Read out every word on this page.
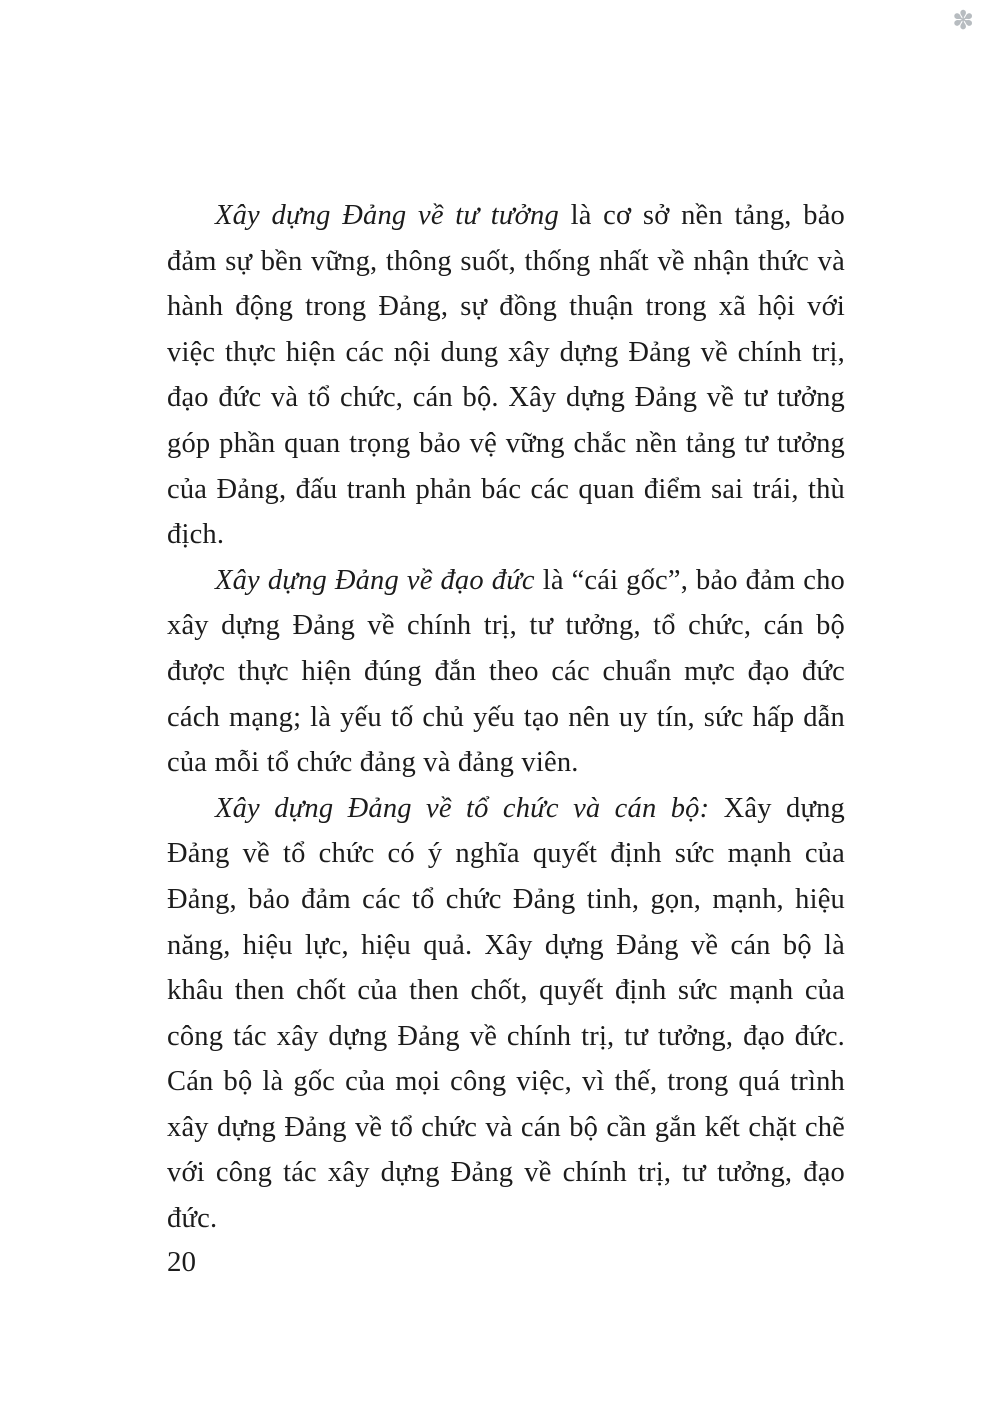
✽

Xây dựng Đảng về tư tưởng là cơ sở nền tảng, bảo đảm sự bền vững, thông suốt, thống nhất về nhận thức và hành động trong Đảng, sự đồng thuận trong xã hội với việc thực hiện các nội dung xây dựng Đảng về chính trị, đạo đức và tổ chức, cán bộ. Xây dựng Đảng về tư tưởng góp phần quan trọng bảo vệ vững chắc nền tảng tư tưởng của Đảng, đấu tranh phản bác các quan điểm sai trái, thù địch.

Xây dựng Đảng về đạo đức là “cái gốc”, bảo đảm cho xây dựng Đảng về chính trị, tư tưởng, tổ chức, cán bộ được thực hiện đúng đắn theo các chuẩn mực đạo đức cách mạng; là yếu tố chủ yếu tạo nên uy tín, sức hấp dẫn của mỗi tổ chức đảng và đảng viên.

Xây dựng Đảng về tổ chức và cán bộ: Xây dựng Đảng về tổ chức có ý nghĩa quyết định sức mạnh của Đảng, bảo đảm các tổ chức Đảng tinh, gọn, mạnh, hiệu năng, hiệu lực, hiệu quả. Xây dựng Đảng về cán bộ là khâu then chốt của then chốt, quyết định sức mạnh của công tác xây dựng Đảng về chính trị, tư tưởng, đạo đức. Cán bộ là gốc của mọi công việc, vì thế, trong quá trình xây dựng Đảng về tổ chức và cán bộ cần gắn kết chặt chẽ với công tác xây dựng Đảng về chính trị, tư tưởng, đạo đức.

20
